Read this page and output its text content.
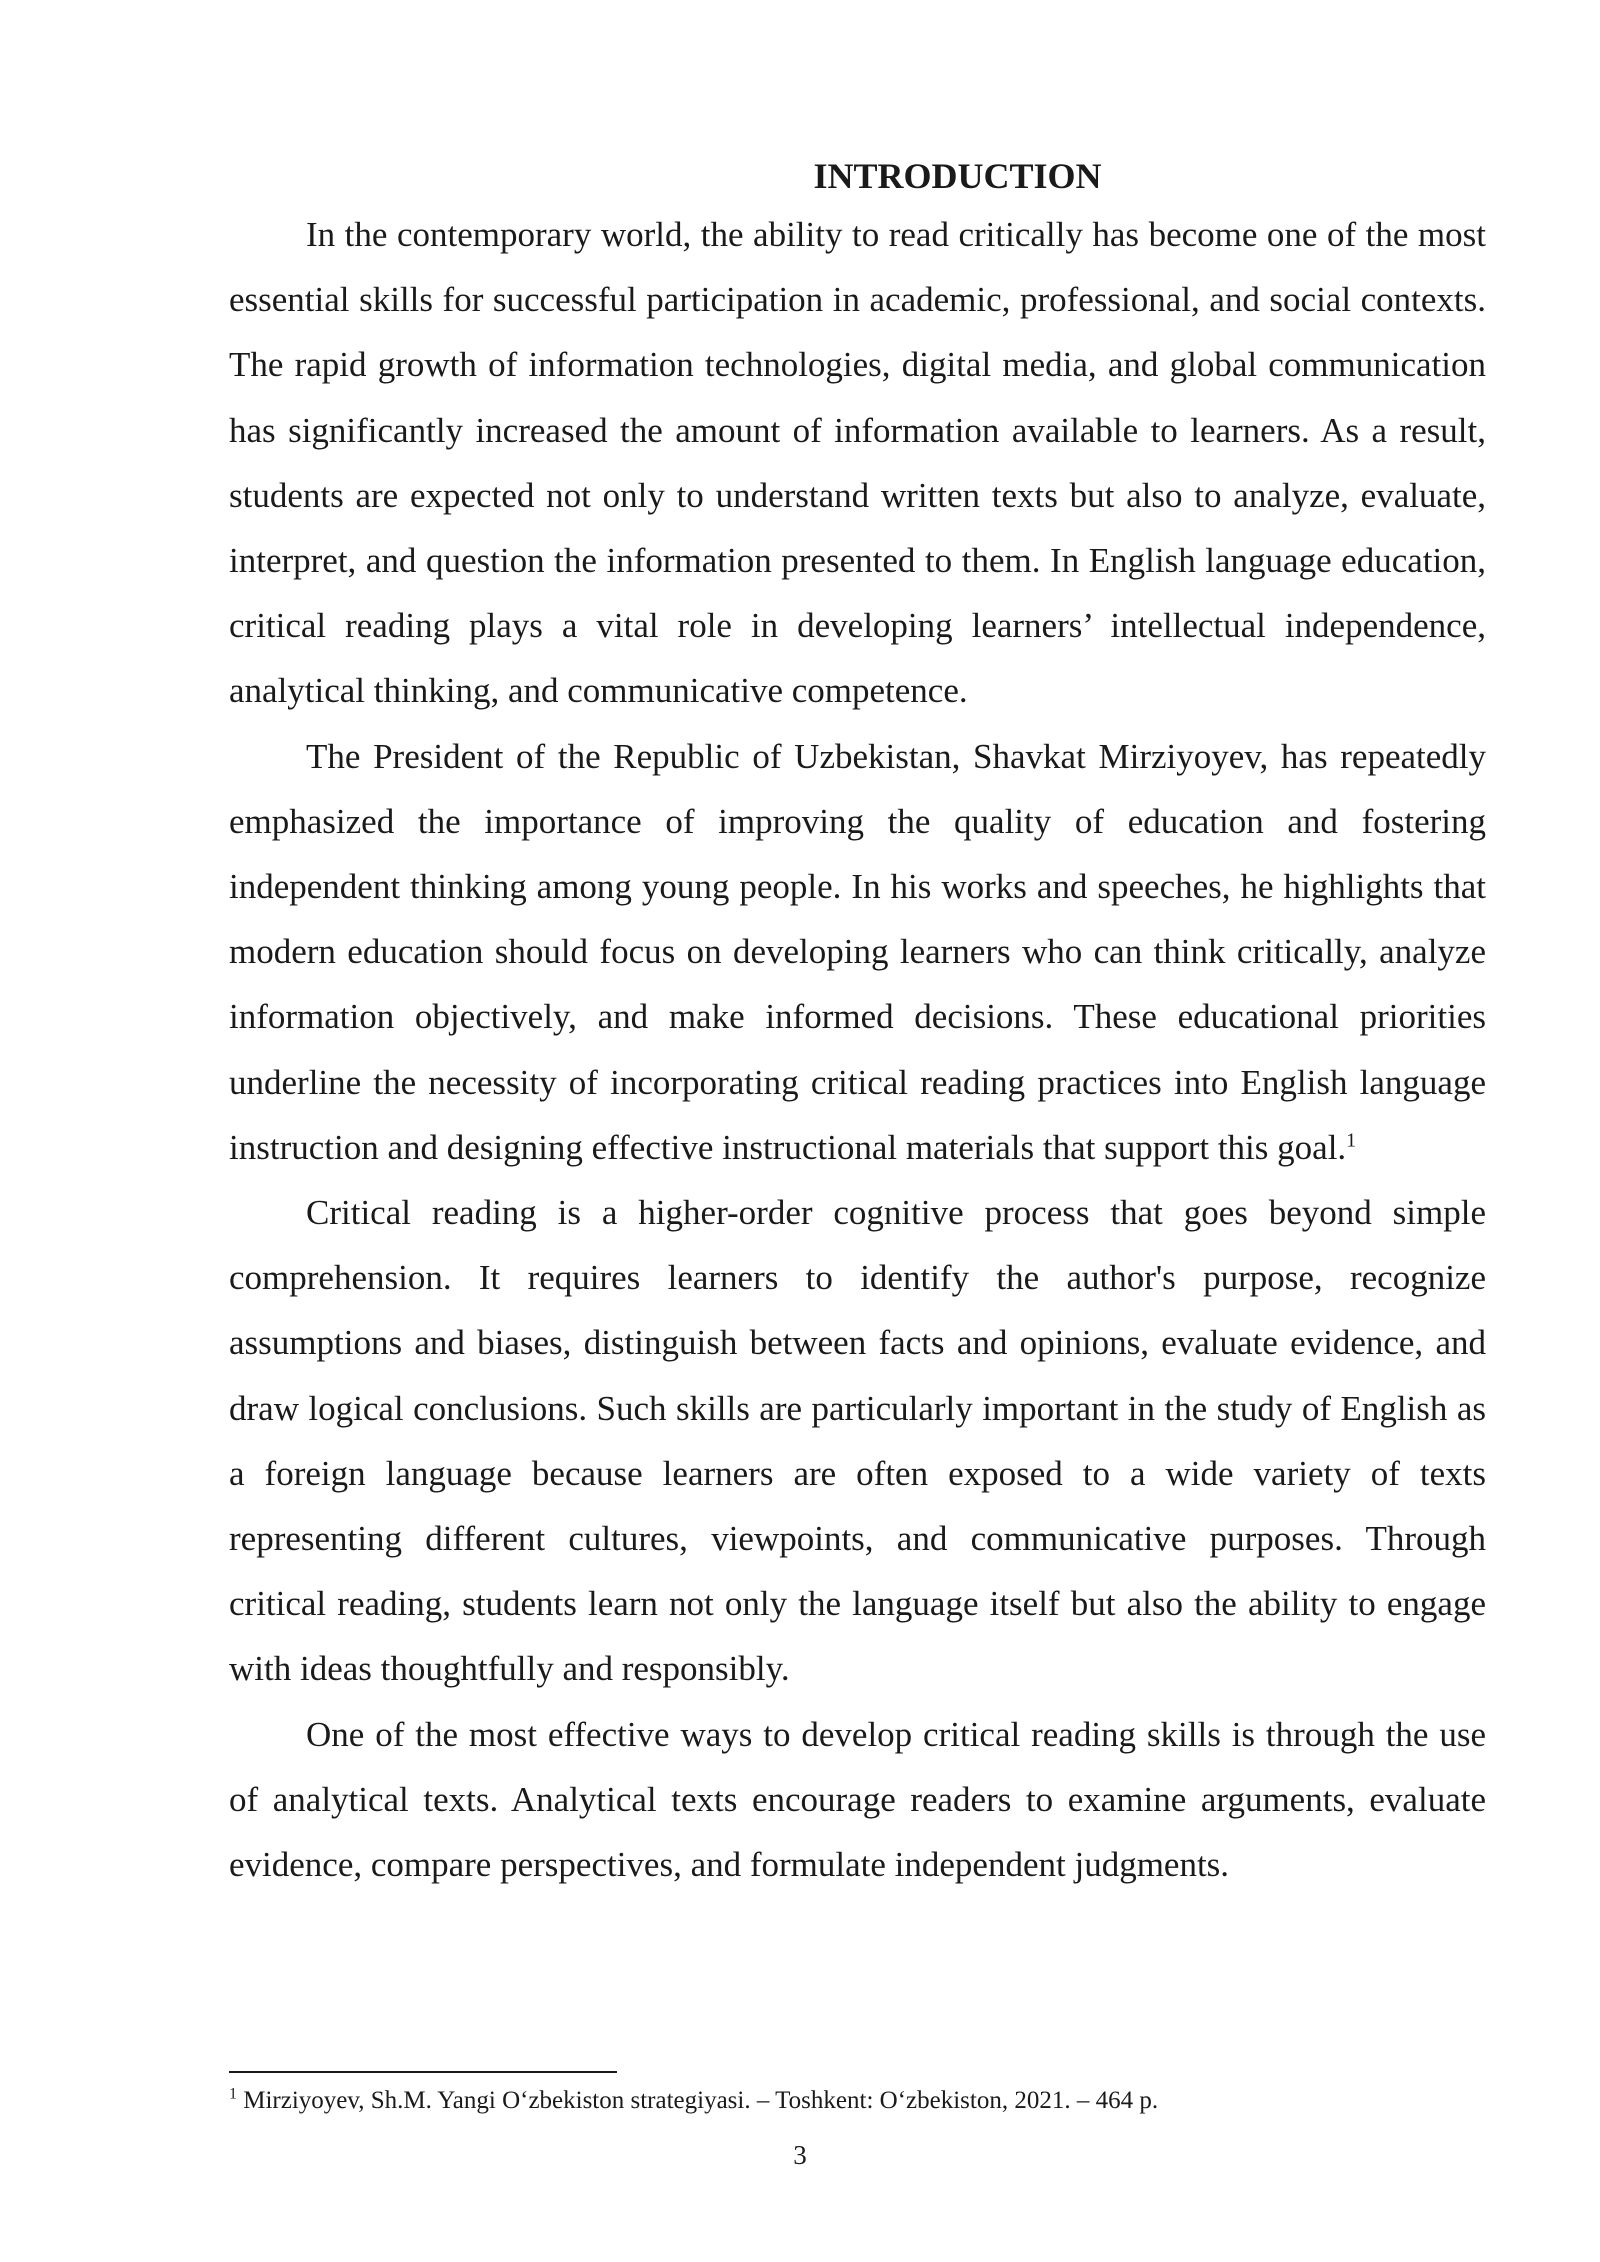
INTRODUCTION

In the contemporary world, the ability to read critically has become one of the most essential skills for successful participation in academic, professional, and social contexts. The rapid growth of information technologies, digital media, and global communication has significantly increased the amount of information available to learners. As a result, students are expected not only to understand written texts but also to analyze, evaluate, interpret, and question the information presented to them. In English language education, critical reading plays a vital role in developing learners’ intellectual independence, analytical thinking, and communicative competence.

The President of the Republic of Uzbekistan, Shavkat Mirziyoyev, has repeatedly emphasized the importance of improving the quality of education and fostering independent thinking among young people. In his works and speeches, he highlights that modern education should focus on developing learners who can think critically, analyze information objectively, and make informed decisions. These educational priorities underline the necessity of incorporating critical reading practices into English language instruction and designing effective instructional materials that support this goal.$^1$

Critical reading is a higher-order cognitive process that goes beyond simple comprehension. It requires learners to identify the author's purpose, recognize assumptions and biases, distinguish between facts and opinions, evaluate evidence, and draw logical conclusions. Such skills are particularly important in the study of English as a foreign language because learners are often exposed to a wide variety of texts representing different cultures, viewpoints, and communicative purposes. Through critical reading, students learn not only the language itself but also the ability to engage with ideas thoughtfully and responsibly.

One of the most effective ways to develop critical reading skills is through the use of analytical texts. Analytical texts encourage readers to examine arguments, evaluate evidence, compare perspectives, and formulate independent judgments.

$^1$ Mirziyoyev, Sh.M. Yangi O‘zbekiston strategiyasi. – Toshkent: O‘zbekiston, 2021. – 464 p.
3
